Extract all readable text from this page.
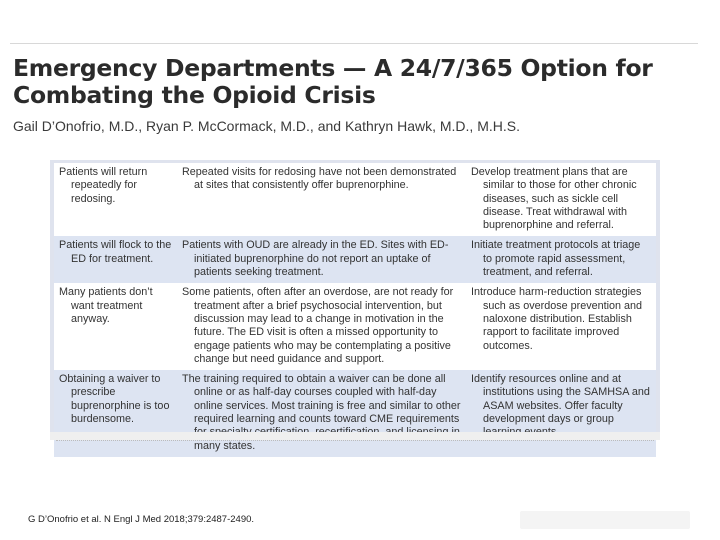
Emergency Departments — A 24/7/365 Option for Combating the Opioid Crisis
Gail D’Onofrio, M.D., Ryan P. McCormack, M.D., and Kathryn Hawk, M.D., M.H.S.
Patients will return repeatedly for redosing.	Repeated visits for redosing have not been demonstrated at sites that consistently offer buprenorphine.	Develop treatment plans that are similar to those for other chronic diseases, such as sickle cell disease. Treat withdrawal with buprenorphine and referral.

Patients will flock to the ED for treatment.	Patients with OUD are already in the ED. Sites with ED-initiated buprenorphine do not report an uptake of patients seeking treatment.	Initiate treatment protocols at triage to promote rapid assessment, treatment, and referral.

Many patients don’t want treatment anyway.	Some patients, often after an overdose, are not ready for treatment after a brief psychosocial intervention, but discussion may lead to a change in motivation in the future. The ED visit is often a missed opportunity to engage patients who may be contemplating a positive change but need guidance and support.	Introduce harm-reduction strategies such as overdose prevention and naloxone distribution. Establish rapport to facilitate improved outcomes.

Obtaining a waiver to prescribe buprenorphine is too burdensome.	The training required to obtain a waiver can be done all online or as half-day courses coupled with half-day online services. Most training is free and similar to other required learning and counts toward CME requirements many states.	Identify resources online and at institutions using the SAMHSA and ASAM websites. Offer faculty development days or group
G D’Onofrio et al. N Engl J Med 2018;379:2487-2490.
